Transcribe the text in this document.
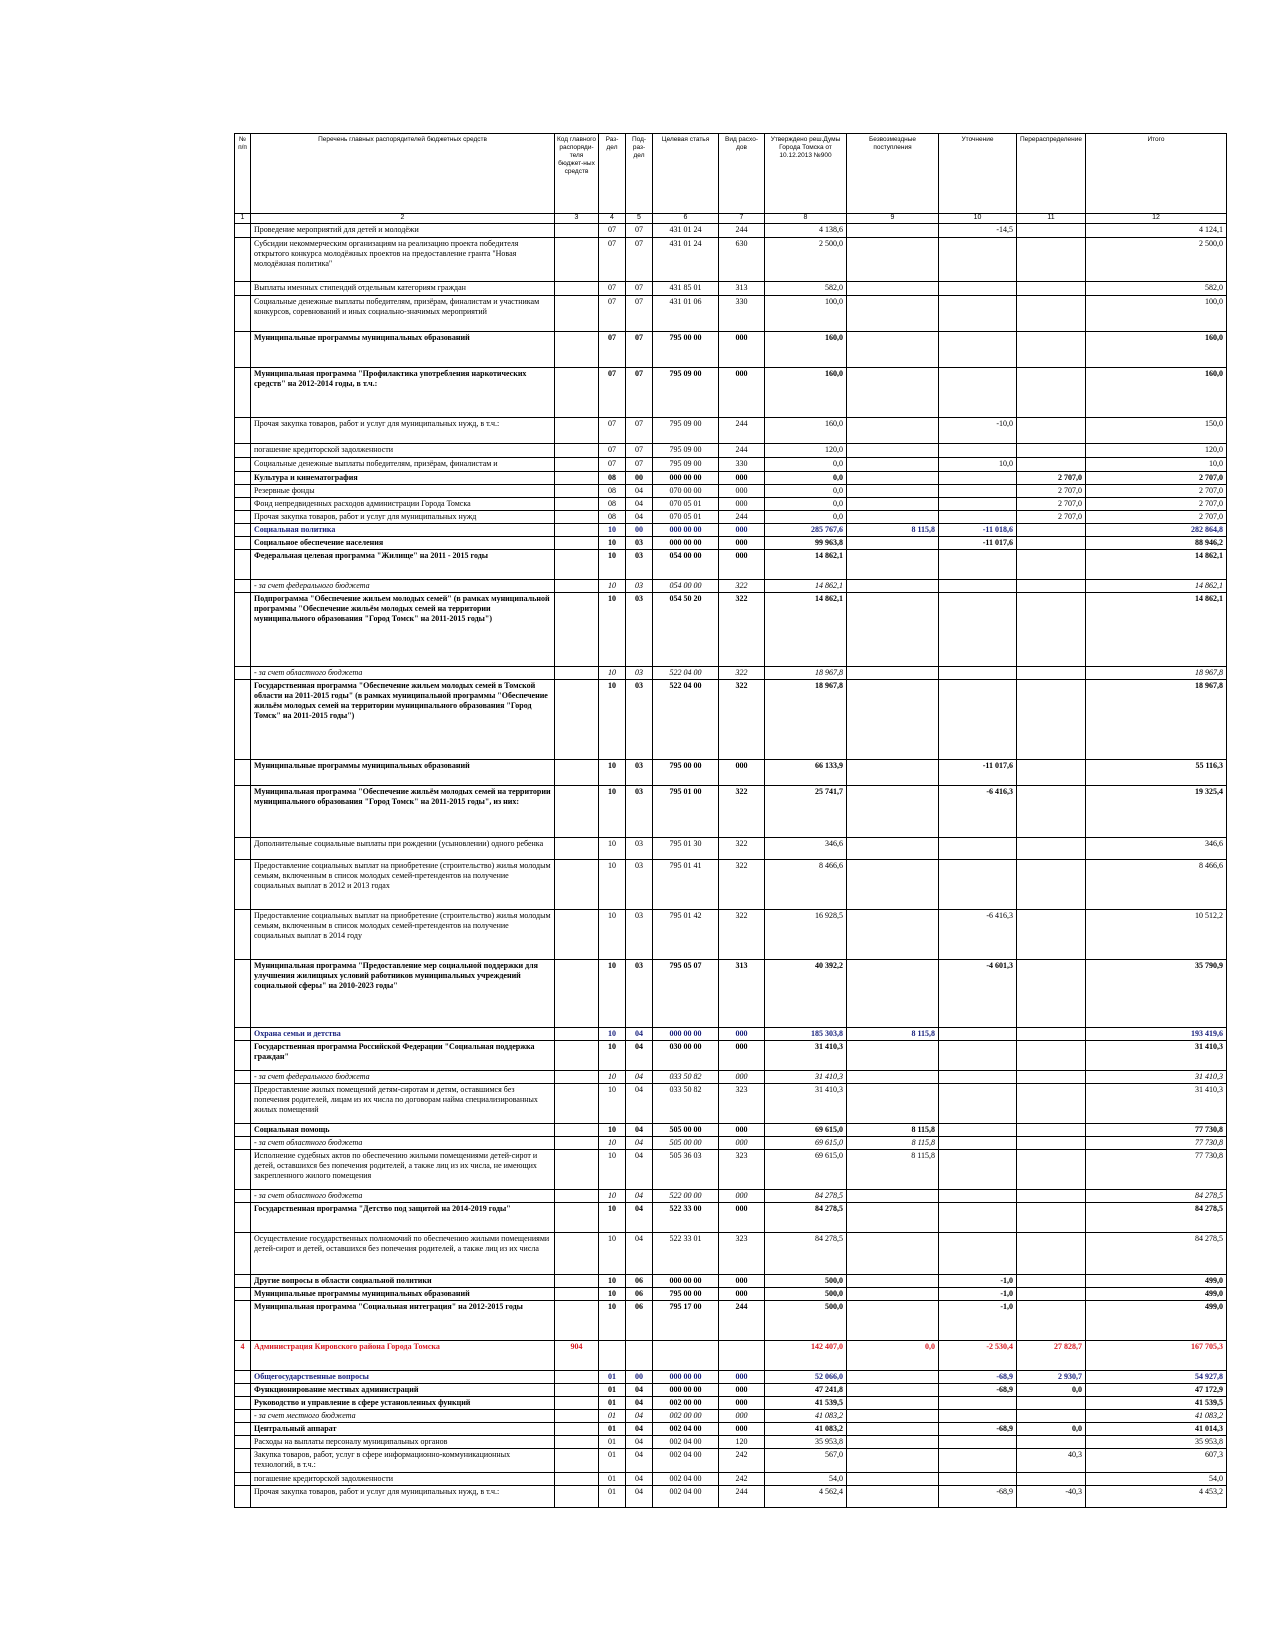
№ п/п	Перечень главных распорядителей бюджетных средств	Код главного распоряди-теля бюджет-ных средств	Раз-дел	Под-раз-дел	Целевая статья	Вид расхо-дов	Утверждено реш.Думы Города Томска от 10.12.2013 №900	Безвозмездные поступления	Уточнение	Перераспределение	Итого
1	2	3	4	5	6	7	8	9	10	11	12
	Проведение мероприятий для детей и молодёжи		07	07	431 01 24	244	4 138,6		-14,5		4 124,1
	Субсидии некоммерческим организациям на реализацию проекта победителя открытого конкурса молодёжных проектов на предоставление гранта "Новая молодёжная политика"		07	07	431 01 24	630	2 500,0				2 500,0
	Выплаты именных стипендий отдельным категориям граждан		07	07	431 85 01	313	582,0				582,0
	Социальные денежные выплаты победителям, призёрам, финалистам и участникам конкурсов, соревнований и иных социально-значимых мероприятий		07	07	431 01 06	330	100,0				100,0
	Муниципальные программы муниципальных образований		07	07	795 00 00	000	160,0				160,0
	Муниципальная программа "Профилактика употребления наркотических средств" на 2012-2014 годы, в т.ч.:		07	07	795 09 00	000	160,0				160,0
	Прочая закупка товаров, работ и услуг для муниципальных нужд, в т.ч.:		07	07	795 09 00	244	160,0		-10,0		150,0
	погашение кредиторской задолженности		07	07	795 09 00	244	120,0				120,0
	Социальные денежные выплаты победителям, призёрам, финалистам и		07	07	795 09 00	330	0,0		10,0		10,0
	Культура и кинематография		08	00	000 00 00	000	0,0			2 707,0	2 707,0
	Резервные фонды		08	04	070 00 00	000	0,0			2 707,0	2 707,0
	Фонд непредвиденных расходов администрации Города Томска		08	04	070 05 01	000	0,0			2 707,0	2 707,0
	Прочая закупка товаров, работ и услуг для муниципальных нужд		08	04	070 05 01	244	0,0			2 707,0	2 707,0
	Социальная политика		10	00	000 00 00	000	285 767,6	8 115,8	-11 018,6		282 864,8
	Социальное обеспечение населения		10	03	000 00 00	000	99 963,8		-11 017,6		88 946,2
	Федеральная целевая программа "Жилище" на 2011 - 2015 годы		10	03	054 00 00	000	14 862,1				14 862,1
	- за счет федерального бюджета		10	03	054 00 00	322	14 862,1				14 862,1
	Подпрограмма "Обеспечение жильем молодых семей" (в рамках муниципальной программы "Обеспечение жильём молодых семей на территории муниципального образования "Город Томск" на 2011-2015 годы")		10	03	054 50 20	322	14 862,1				14 862,1
	- за счет областного бюджета		10	03	522 04 00	322	18 967,8				18 967,8
	Государственная программа "Обеспечение жильем молодых семей в Томской области на 2011-2015 годы" (в рамках муниципальной программы "Обеспечение жильём молодых семей на территории муниципального образования "Город Томск" на 2011-2015 годы")		10	03	522 04 00	322	18 967,8				18 967,8
	Муниципальные программы муниципальных образований		10	03	795 00 00	000	66 133,9		-11 017,6		55 116,3
	Муниципальная программа "Обеспечение жильём молодых семей на территории муниципального образования "Город Томск" на 2011-2015 годы", из них:		10	03	795 01 00	322	25 741,7		-6 416,3		19 325,4
	Дополнительные социальные выплаты при рождении (усыновлении) одного ребенка		10	03	795 01 30	322	346,6				346,6
	Предоставление социальных выплат на приобретение (строительство) жилья молодым семьям, включенным в список молодых семей-претендентов на получение социальных выплат в 2012 и 2013 годах		10	03	795 01 41	322	8 466,6				8 466,6
	Предоставление социальных выплат на приобретение (строительство) жилья молодым семьям, включенным в список молодых семей-претендентов на получение социальных выплат в 2014 году		10	03	795 01 42	322	16 928,5		-6 416,3		10 512,2
	Муниципальная программа "Предоставление мер социальной поддержки для улучшения жилищных условий работников муниципальных учреждений социальной сферы" на 2010-2023 годы"		10	03	795 05 07	313	40 392,2		-4 601,3		35 790,9
	Охрана семьи и детства		10	04	000 00 00	000	185 303,8	8 115,8			193 419,6
	Государственная программа Российской Федерации "Социальная поддержка граждан"		10	04	030 00 00	000	31 410,3				31 410,3
	- за счет федерального бюджета		10	04	033 50 82	000	31 410,3				31 410,3
	Предоставление жилых помещений детям-сиротам и детям, оставшимся без попечения родителей, лицам из их числа по договорам найма специализированных жилых помещений		10	04	033 50 82	323	31 410,3				31 410,3
	Социальная помощь		10	04	505 00 00	000	69 615,0	8 115,8			77 730,8
	- за счет областного бюджета		10	04	505 00 00	000	69 615,0	8 115,8			77 730,8
	Исполнение судебных актов по обеспечению жилыми помещениями детей-сирот и детей, оставшихся без попечения родителей, а также лиц из их числа, не имеющих закрепленного жилого помещения		10	04	505 36 03	323	69 615,0	8 115,8			77 730,8
	- за счет областного бюджета		10	04	522 00 00	000	84 278,5				84 278,5
	Государственная программа "Детство под защитой на 2014-2019 годы"		10	04	522 33 00	000	84 278,5				84 278,5
	Осуществление государственных полномочий по обеспечению жилыми помещениями детей-сирот и детей, оставшихся без попечения родителей, а также лиц из их числа		10	04	522 33 01	323	84 278,5				84 278,5
	Другие вопросы в области социальной политики		10	06	000 00 00	000	500,0		-1,0		499,0
	Муниципальные программы муниципальных образований		10	06	795 00 00	000	500,0		-1,0		499,0
	Муниципальная программа "Социальная интеграция" на 2012-2015 годы		10	06	795 17 00	244	500,0		-1,0		499,0
4	Администрация Кировского района Города Томска	904					142 407,0	0,0	-2 530,4	27 828,7	167 705,3
	Общегосударственные вопросы		01	00	000 00 00	000	52 066,0		-68,9	2 930,7	54 927,8
	Функционирование местных администраций		01	04	000 00 00	000	47 241,8		-68,9	0,0	47 172,9
	Руководство и управление в сфере установленных функций		01	04	002 00 00	000	41 539,5				41 539,5
	- за счет местного бюджета		01	04	002 00 00	000	41 083,2				41 083,2
	Центральный аппарат		01	04	002 04 00	000	41 083,2		-68,9	0,0	41 014,3
	Расходы на выплаты персоналу муниципальных органов		01	04	002 04 00	120	35 953,8				35 953,8
	Закупка товаров, работ, услуг в сфере информационно-коммуникационных технологий, в т.ч.:		01	04	002 04 00	242	567,0			40,3	607,3
	погашение кредиторской задолженности		01	04	002 04 00	242	54,0				54,0
	Прочая закупка товаров, работ и услуг для муниципальных нужд, в т.ч.:		01	04	002 04 00	244	4 562,4		-68,9	-40,3	4 453,2
